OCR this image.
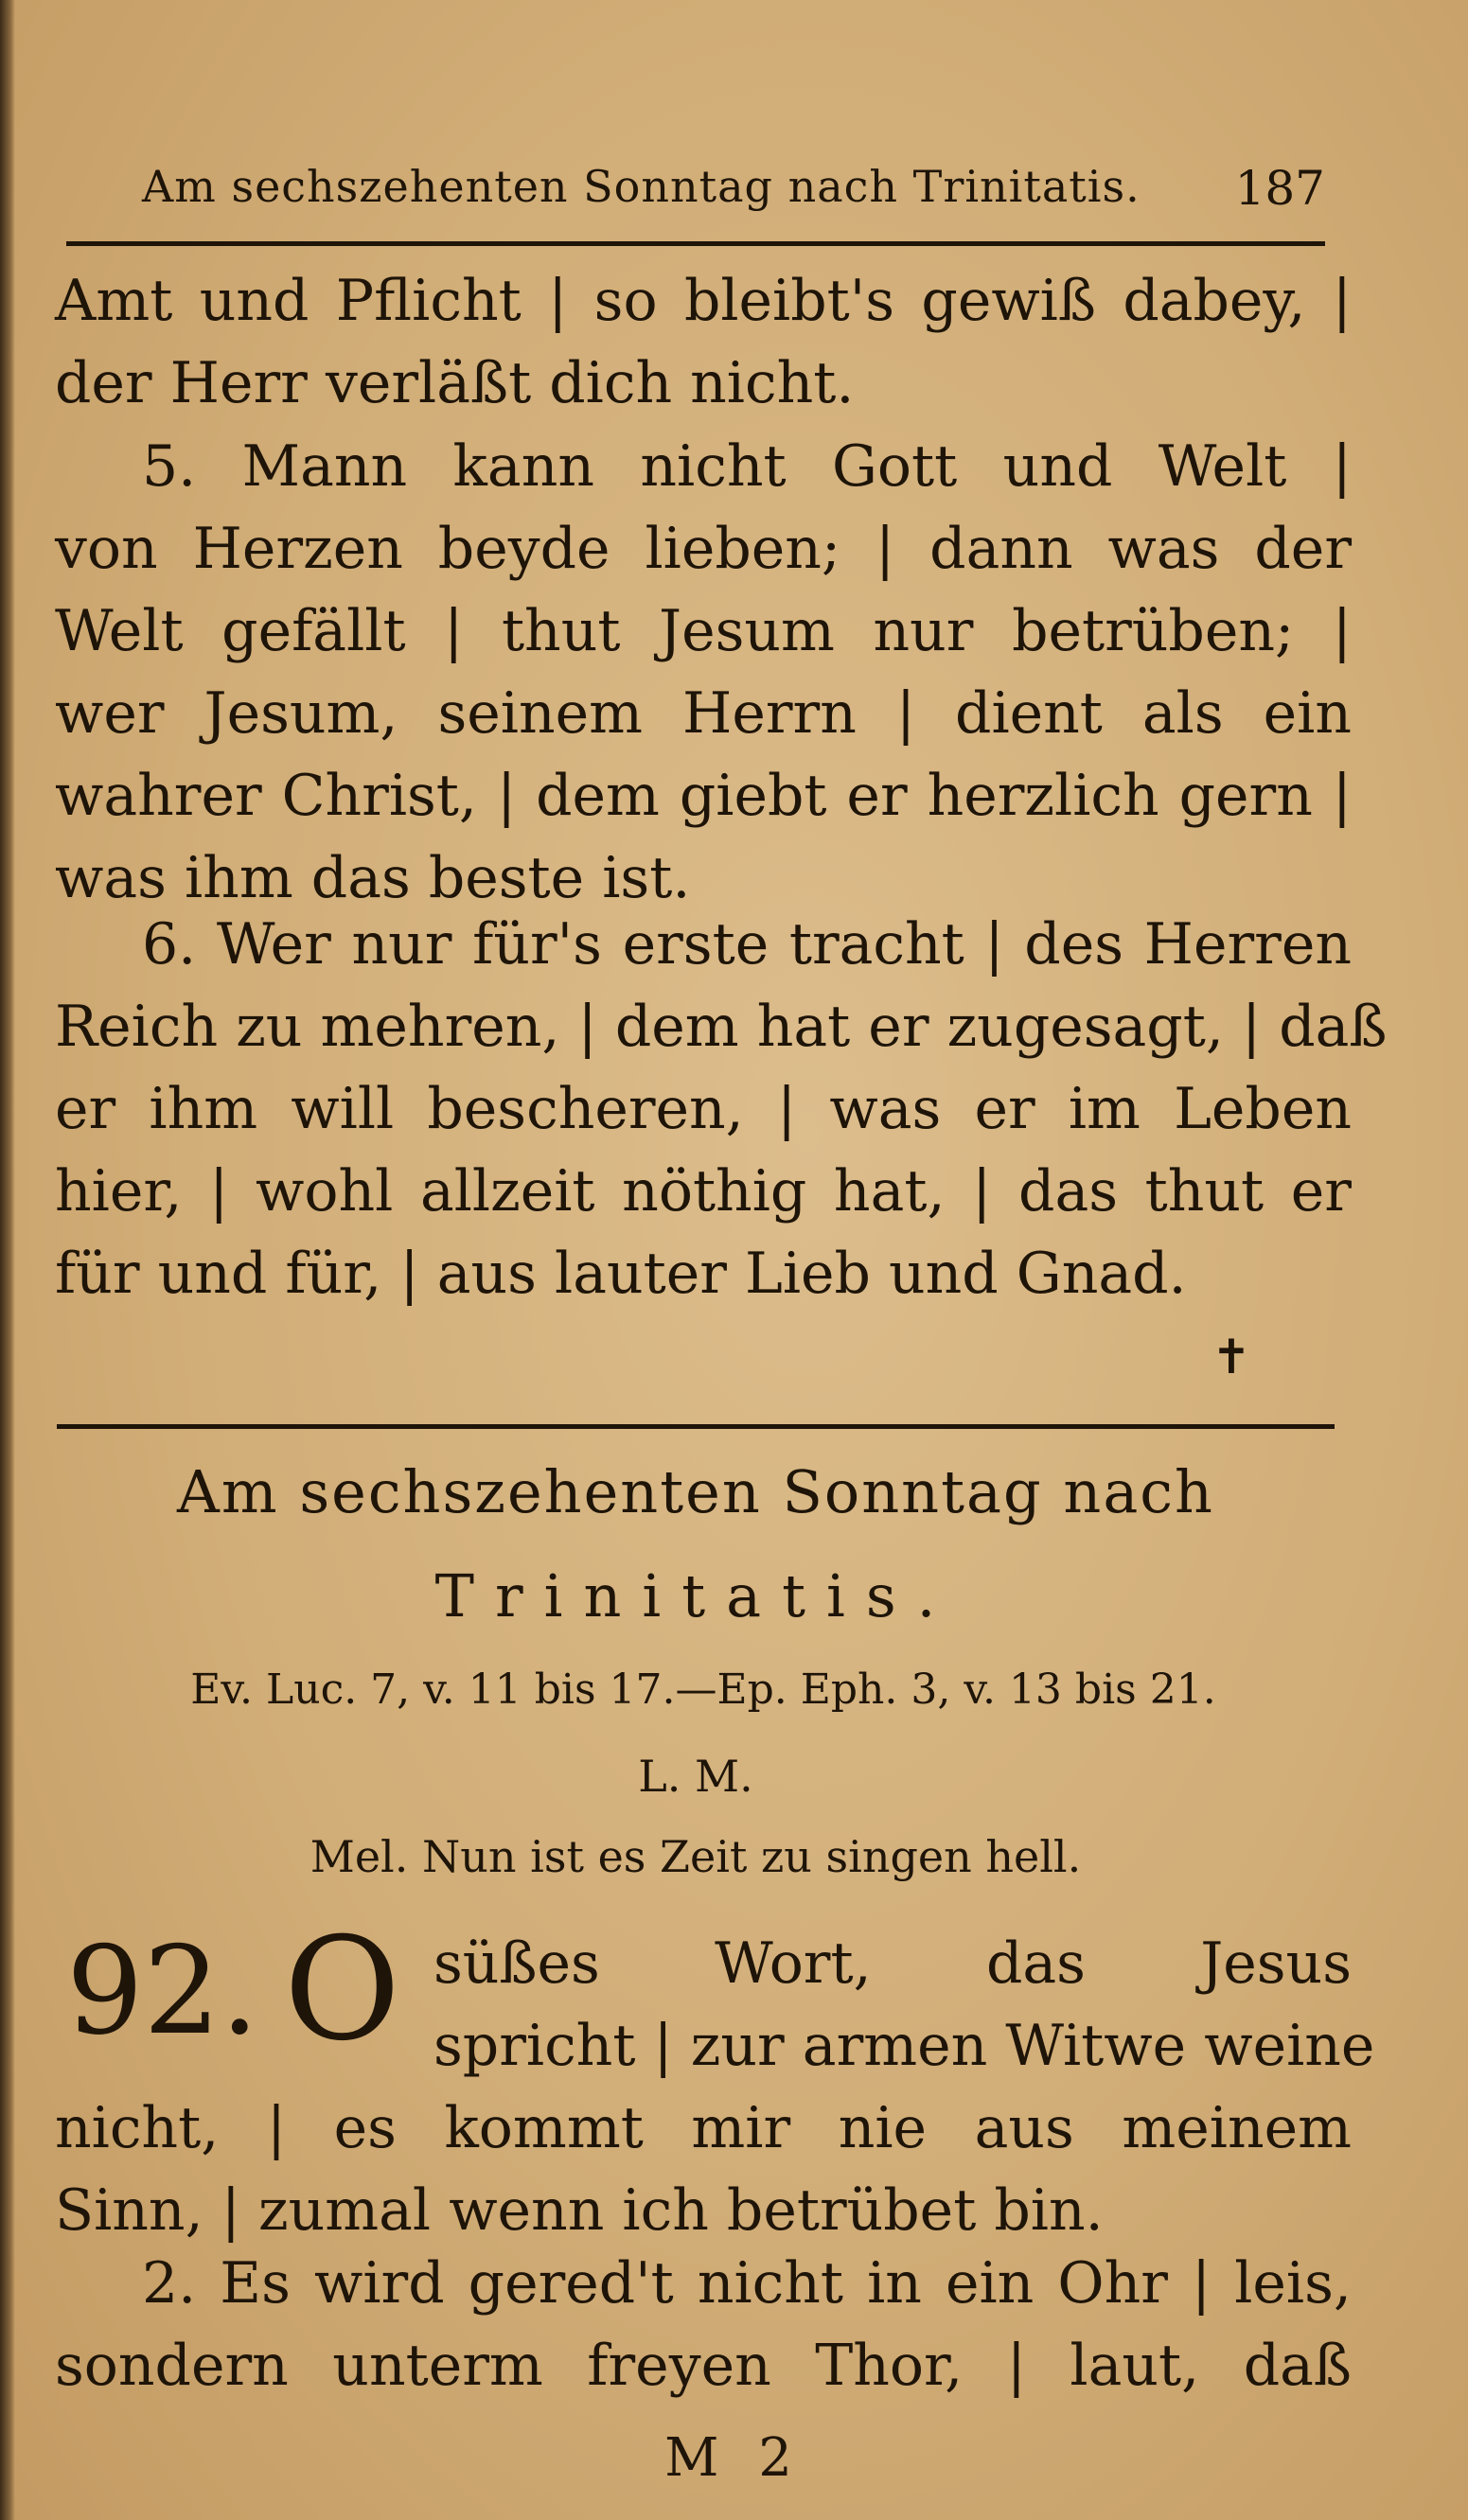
Am sechszehenten Sonntag nach Trinitatis. 187
Amt und Pflicht | so bleibt's gewiß dabey, |
der Herr verläßt dich nicht.
5. Mann kann nicht Gott und Welt |
von Herzen beyde lieben; | dann was der
Welt gefällt | thut Jesum nur betrüben; |
wer Jesum, seinem Herrn | dient als ein
wahrer Christ, | dem giebt er herzlich gern |
was ihm das beste ist.
6. Wer nur für's erste tracht | des Herren
Reich zu mehren, | dem hat er zugesagt, | daß
er ihm will bescheren, | was er im Leben
hier, | wohl allzeit nöthig hat, | das thut er
für und für, | aus lauter Lieb und Gnad.
✝
Am sechszehenten Sonntag nach
Trinitatis.
Ev. Luc. 7, v. 11 bis 17.—Ep. Eph. 3, v. 13 bis 21.
L. M.
Mel. Nun ist es Zeit zu singen hell.
92. O süßes Wort, das Jesus
spricht | zur armen Witwe weine
nicht, | es kommt mir nie aus meinem
Sinn, | zumal wenn ich betrübet bin.
2. Es wird gered't nicht in ein Ohr | leis,
sondern unterm freyen Thor, | laut, daß
M 2
